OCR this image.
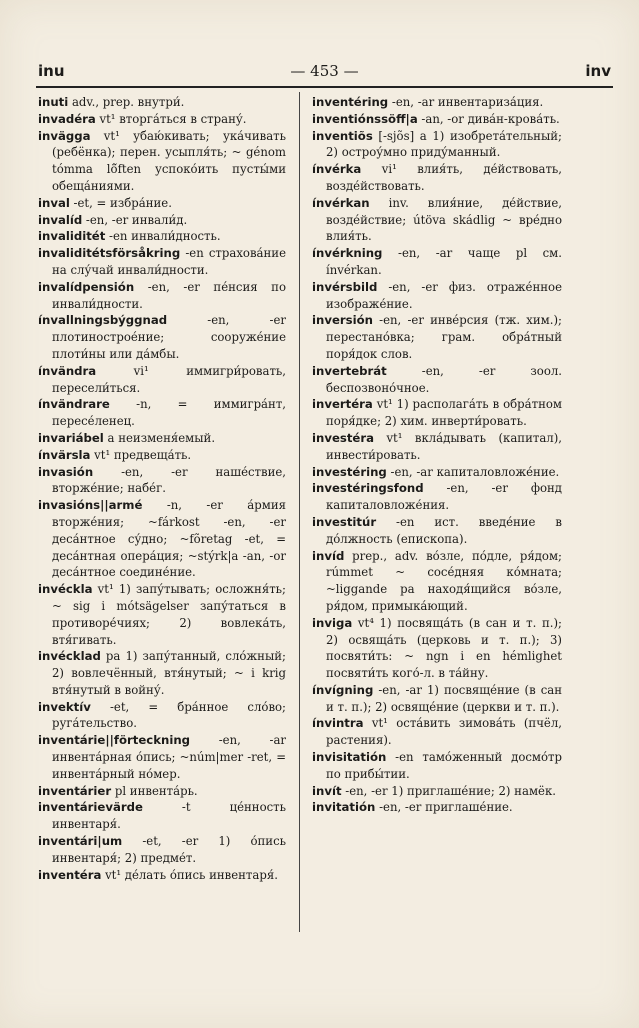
inu	— 453 —	inv

inuti adv., prep. внутри́.

invadéra vt¹ вторга́ться в страну́.

invägga vt¹ убаю́кивать; ука́чивать (ребёнка); перен. усыпля́ть; ~ génom tómma lö̃ften успоко́ить пусты́ми обеща́ниями.

inval -et, = избра́ние.

invalíd -en, -er инвали́д.

invaliditét -en инвали́дность.

invaliditétsförsåkring -en страхова́ние на слу́чай инвали́дности.

invalídpensión -en, -er пе́нсия по инвали́дности.

ínvallningsbýggnad -en, -er плотинострое́ние; сооруже́ние плоти́ны или да́мбы.

ínvändra vi¹ иммигри́ровать, пересели́ться.

ínvändrare -n, = иммигра́нт, пересе́ленец.

invariábel a неизменя́емый.

ínvärsla vt¹ предвеща́ть.

invasión -en, -er наше́ствие, вторже́ние; набе́г.

invasións||armé -n, -er а́рмия вторже́ния; ~fárkost -en, -er деса́нтное су́дно; ~fõretag -et, = деса́нтная опера́ция; ~stýrk|a -an, -or деса́нтное соедине́ние.

invéckla vt¹ 1) запу́тывать; осложня́ть; ~ sig i mótsägelser запу́таться в противоре́чиях; 2) вовлека́ть, втя́гивать.

invécklad pa 1) запу́танный, сло́жный; 2) вовлечённый, втя́нутый; ~ i krig втя́нутый в войну́.

invektív -et, = бра́нное сло́во; руга́тельство.

inventárie||förteckning -en, -ar инвента́рная о́пись; ~núm|mer -ret, = инвента́рный но́мер.

inventárier pl инвента́рь.

inventárievärde -t це́нность инвентаря́.

inventári|um -et, -er 1) о́пись инвентаря́; 2) предме́т.

inventéra vt¹ де́лать о́пись инвентаря́.

inventéring -en, -ar инвентариза́ция.

inventiónssöff|a -an, -or дива́н-крова́ть.

inventiõs [-sjõs] a 1) изобрета́тельный; 2) остроу́мно приду́манный.

ínvérka vi¹ влия́ть, де́йствовать, возде́йствовать.

ínvérkan inv. влия́ние, де́йствие, возде́йствие; útöva skádlig ~ вре́дно влия́ть.

ínvérkning -en, -ar чаще pl см. ínvérkan.

invérsbild -en, -er физ. отраже́нное изображе́ние.

inversión -en, -er инве́рсия (тж. хим.); перестано́вка; грам. обра́тный поря́док слов.

invertebrát -en, -er зоол. беспозвоно́чное.

invertéra vt¹ 1) располага́ть в обра́тном поря́дке; 2) хим. инверти́ровать.

investéra vt¹ вкла́дывать (капитал), инвести́ровать.

investéring -en, -ar капиталовложе́ние.

investéringsfond -en, -er фонд капиталовложе́ния.

investitúr -en ист. введе́ние в до́лжность (епископа).

invíd prep., adv. во́зле, по́дле, ря́дом; rúmmet ~ сосе́дняя ко́мната; ~liggande pa находя́щийся во́зле, ря́дом, примыка́ющий.

inviga vt⁴ 1) посвяща́ть (в сан и т. п.); 2) освяща́ть (церковь и т. п.); 3) посвяти́ть: ~ ngn i en hémlighet посвяти́ть кого́-л. в та́йну.

ínvígning -en, -ar 1) посвяще́ние (в сан и т. п.); 2) освяще́ние (церкви и т. п.).

ínvintra vt¹ оста́вить зимова́ть (пчёл, растения).

invisitatión -en тамо́женный досмо́тр по прибы́тии.

invít -en, -er 1) приглаше́ние; 2) намёк.

invitatión -en, -er приглаше́ние.
